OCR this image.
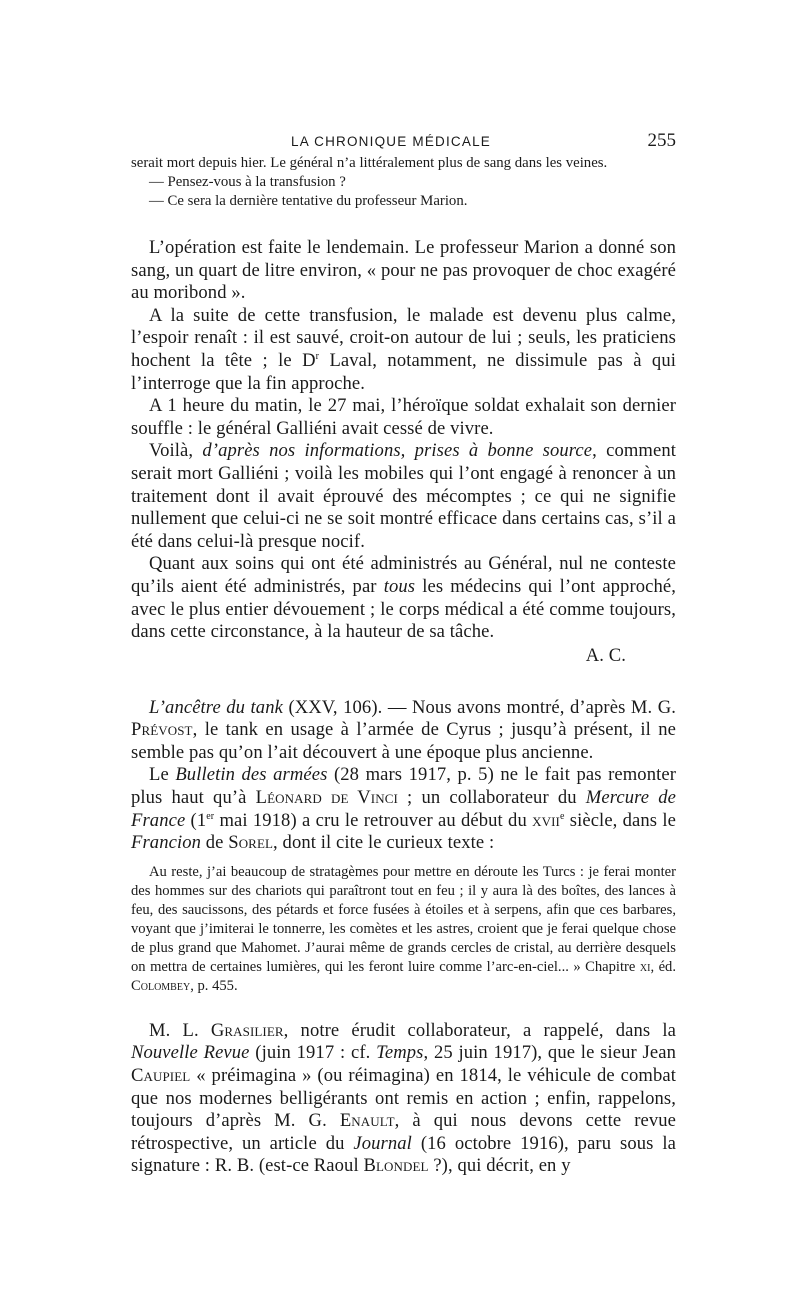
LA CHRONIQUE MÉDICALE	255

serait mort depuis hier. Le général n’a littéralement plus de sang dans les veines.

— Pensez-vous à la transfusion ?

— Ce sera la dernière tentative du professeur Marion.

L’opération est faite le lendemain. Le professeur Marion a donné son sang, un quart de litre environ, « pour ne pas provoquer de choc exagéré au moribond ».

A la suite de cette transfusion, le malade est devenu plus calme, l’espoir renaît : il est sauvé, croit-on autour de lui ; seuls, les praticiens hochent la tête ; le $D^r$ Laval, notamment, ne dissimule pas à qui l’interroge que la fin approche.

A 1 heure du matin, le 27 mai, l’héroïque soldat exhalait son dernier souffle : le général Galliéni avait cessé de vivre.

Voilà, d’après nos informations, prises à bonne source, comment serait mort Galliéni ; voilà les mobiles qui l’ont engagé à renoncer à un traitement dont il avait éprouvé des mécomptes ; ce qui ne signifie nullement que celui-ci ne se soit montré efficace dans certains cas, s’il a été dans celui-là presque nocif.

Quant aux soins qui ont été administrés au Général, nul ne conteste qu’ils aient été administrés, par tous les médecins qui l’ont approché, avec le plus entier dévouement ; le corps médical a été comme toujours, dans cette circonstance, à la hauteur de sa tâche.

A. C.

L’ancêtre du tank (XXV, 106). — Nous avons montré, d’après M. G. Prévost, le tank en usage à l’armée de Cyrus ; jusqu’à présent, il ne semble pas qu’on l’ait découvert à une époque plus ancienne.

Le Bulletin des armées (28 mars 1917, p. 5) ne le fait pas remonter plus haut qu’à Léonard de Vinci ; un collaborateur du Mercure de France (1er mai 1918) a cru le retrouver au début du xvii$^e$ siècle, dans le Francion de Sorel, dont il cite le curieux texte :

Au reste, j’ai beaucoup de stratagèmes pour mettre en déroute les Turcs : je ferai monter des hommes sur des chariots qui paraîtront tout en feu ; il y aura là des boîtes, des lances à feu, des saucissons, des pétards et force fusées à étoiles et à serpens, afin que ces barbares, voyant que j’imiterai le tonnerre, les comètes et les astres, croient que je ferai quelque chose de plus grand que Mahomet. J’aurai même de grands cercles de cristal, au derrière desquels on mettra de certaines lumières, qui les feront luire comme l’arc-en-ciel... » Chapitre xi, éd. Colombey, p. 455.

M. L. Grasilier, notre érudit collaborateur, a rappelé, dans la Nouvelle Revue (juin 1917 : cf. Temps, 25 juin 1917), que le sieur Jean Caupiel « préimagina » (ou réimagina) en 1814, le véhicule de combat que nos modernes belligérants ont remis en action ; enfin, rappelons, toujours d’après M. G. Enault, à qui nous devons cette revue rétrospective, un article du Journal (16 octobre 1916), paru sous la signature : R. B. (est-ce Raoul Blondel ?), qui décrit, en y
